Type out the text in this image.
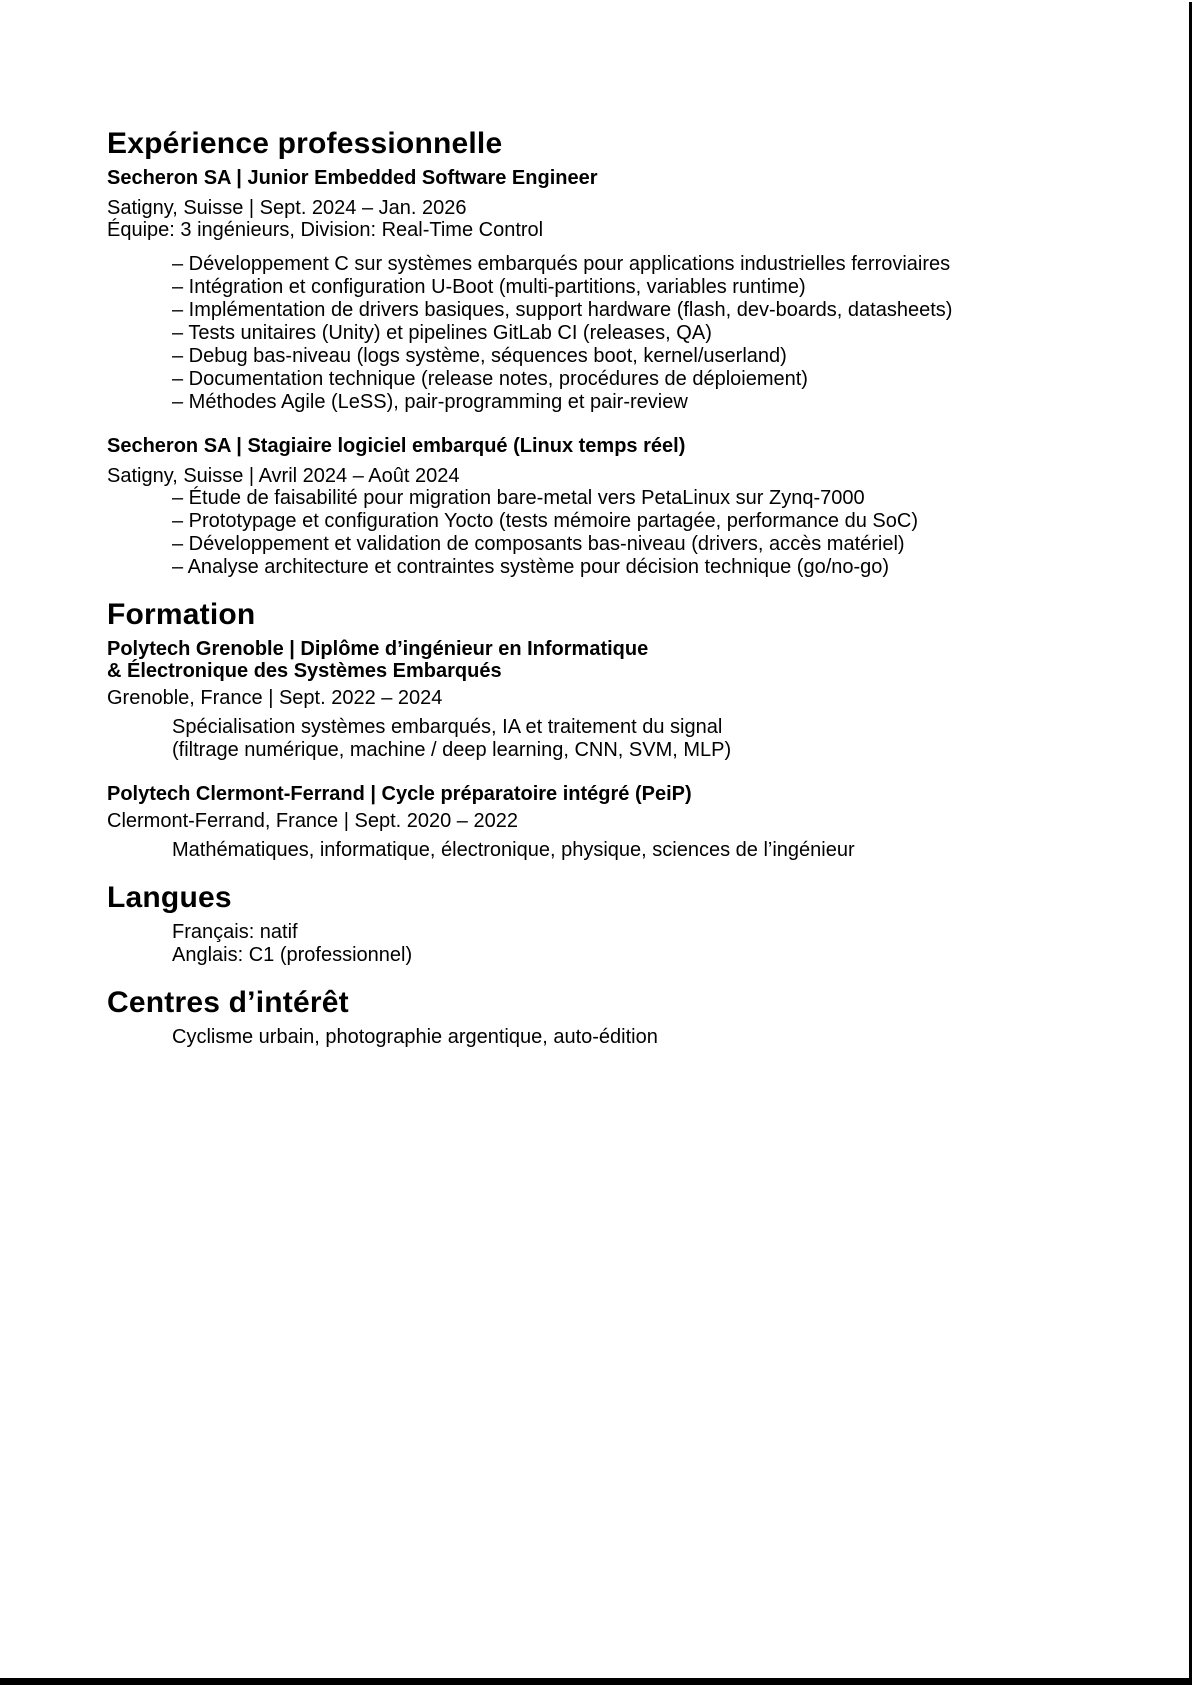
Expérience professionnelle

Secheron SA | Junior Embedded Software Engineer

Satigny, Suisse | Sept. 2024 – Jan. 2026

Équipe: 3 ingénieurs, Division: Real-Time Control

– Développement C sur systèmes embarqués pour applications industrielles ferroviaires

– Intégration et configuration U-Boot (multi-partitions, variables runtime)

– Implémentation de drivers basiques, support hardware (flash, dev-boards, datasheets)

– Tests unitaires (Unity) et pipelines GitLab CI (releases, QA)

– Debug bas-niveau (logs système, séquences boot, kernel/userland)

– Documentation technique (release notes, procédures de déploiement)

– Méthodes Agile (LeSS), pair-programming et pair-review

Secheron SA | Stagiaire logiciel embarqué (Linux temps réel)

Satigny, Suisse | Avril 2024 – Août 2024

– Étude de faisabilité pour migration bare-metal vers PetaLinux sur Zynq-7000

– Prototypage et configuration Yocto (tests mémoire partagée, performance du SoC)

– Développement et validation de composants bas-niveau (drivers, accès matériel)

– Analyse architecture et contraintes système pour décision technique (go/no-go)

Formation

Polytech Grenoble | Diplôme d’ingénieur en Informatique
& Électronique des Systèmes Embarqués

Grenoble, France | Sept. 2022 – 2024

Spécialisation systèmes embarqués, IA et traitement du signal

(filtrage numérique, machine / deep learning, CNN, SVM, MLP)

Polytech Clermont-Ferrand | Cycle préparatoire intégré (PeiP)

Clermont-Ferrand, France | Sept. 2020 – 2022

Mathématiques, informatique, électronique, physique, sciences de l’ingénieur

Langues

Français: natif

Anglais: C1 (professionnel)

Centres d’intérêt

Cyclisme urbain, photographie argentique, auto-édition
